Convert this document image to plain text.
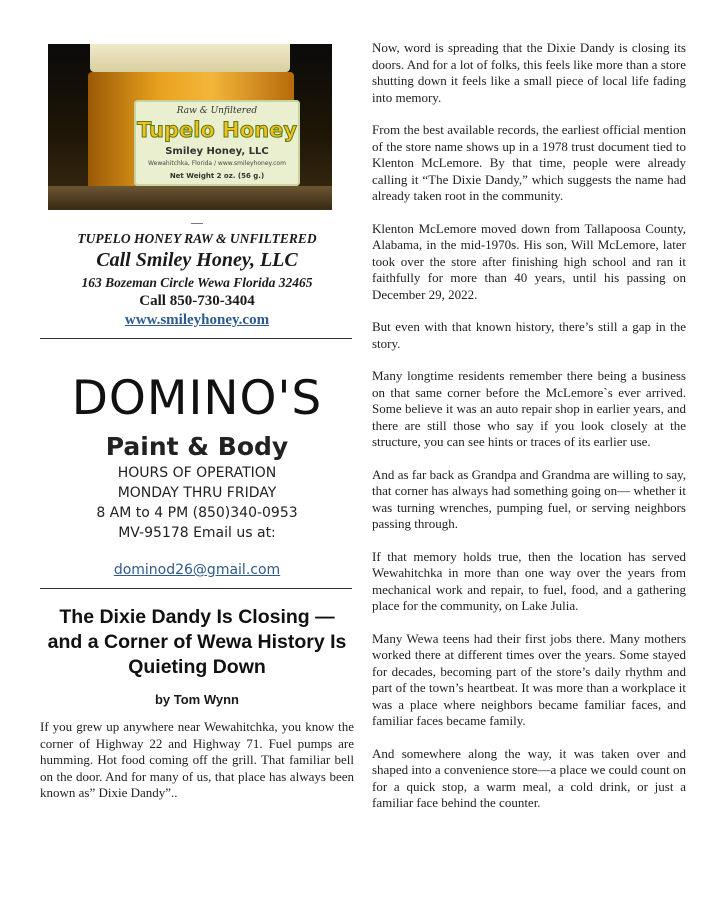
Raw & Unfiltered
Tupelo Honey
Smiley Honey, LLC
Wewahitchka, Florida / www.smileyhoney.com
Net Weight 2 oz. (56 g.)
—
TUPELO HONEY RAW & UNFILTERED
Call Smiley Honey, LLC
163 Bozeman Circle Wewa Florida 32465
Call 850-730-3404
www.smileyhoney.com
DOMINO'S
Paint & Body
HOURS OF OPERATION
MONDAY THRU FRIDAY
8 AM to 4 PM (850)340-0953
MV-95178 Email us at:
dominod26@gmail.com
The Dixie Dandy Is Closing — and a Corner of Wewa History Is Quieting Down
by Tom Wynn

If you grew up anywhere near Wewahitchka, you know the corner of Highway 22 and Highway 71. Fuel pumps are humming. Hot food coming off the grill. That familiar bell on the door. And for many of us, that place has always been known as” Dixie Dandy”..

Now, word is spreading that the Dixie Dandy is closing its doors. And for a lot of folks, this feels like more than a store shutting down it feels like a small piece of local life fading into memory.

From the best available records, the earliest official mention of the store name shows up in a 1978 trust document tied to Klenton McLemore. By that time, people were already calling it “The Dixie Dandy,” which suggests the name had already taken root in the community.

Klenton McLemore moved down from Tallapoosa County, Alabama, in the mid-1970s. His son, Will McLemore, later took over the store after finishing high school and ran it faithfully for more than 40 years, until his passing on December 29, 2022.

But even with that known history, there’s still a gap in the story.

Many longtime residents remember there being a business on that same corner before the McLemore`s ever arrived. Some believe it was an auto repair shop in earlier years, and there are still those who say if you look closely at the structure, you can see hints or traces of its earlier use.

And as far back as Grandpa and Grandma are willing to say, that corner has always had something going on— whether it was turning wrenches, pumping fuel, or serving neighbors passing through.

If that memory holds true, then the location has served Wewahitchka in more than one way over the years from mechanical work and repair, to fuel, food, and a gathering place for the community, on Lake Julia.

Many Wewa teens had their first jobs there. Many mothers worked there at different times over the years. Some stayed for decades, becoming part of the store’s daily rhythm and part of the town’s heartbeat. It was more than a workplace it was a place where neighbors became familiar faces, and familiar faces became family.

And somewhere along the way, it was taken over and shaped into a convenience store—a place we could count on for a quick stop, a warm meal, a cold drink, or just a familiar face behind the counter.
